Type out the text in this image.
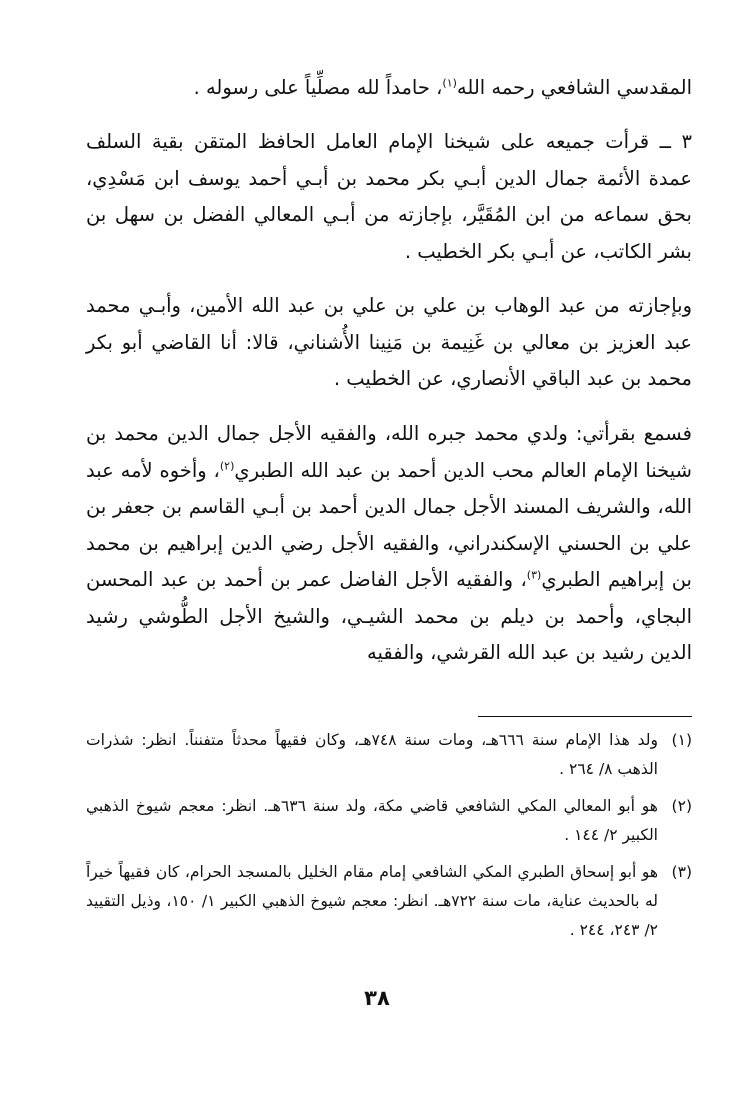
المقدسي الشافعي رحمه الله$^{(١)}$، حامداً لله مصلِّياً على رسوله .

٣ ــ قرأت جميعه على شيخنا الإمام العامل الحافظ المتقن بقية السلف عمدة الأئمة جمال الدين أبـي بكر محمد بن أبـي أحمد يوسف ابن مَسْدِي، بحق سماعه من ابن المُقَيَّر، بإجازته من أبـي المعالي الفضل بن سهل بن بشر الكاتب، عن أبـي بكر الخطيب .

وبإجازته من عبد الوهاب بن علي بن علي بن عبد الله الأمين، وأبـي محمد عبد العزيز بن معالي بن غَنِيمة بن مَنِينا الأُشناني، قالا: أنا القاضي أبو بكر محمد بن عبد الباقي الأنصاري، عن الخطيب .

فسمع بقرأتي: ولدي محمد جبره الله، والفقيه الأجل جمال الدين محمد بن شيخنا الإمام العالم محب الدين أحمد بن عبد الله الطبري$^{(٢)}$، وأخوه لأمه عبد الله، والشريف المسند الأجل جمال الدين أحمد بن أبـي القاسم بن جعفر بن علي بن الحسني الإسكندراني، والفقيه الأجل رضي الدين إبراهيم بن محمد بن إبراهيم الطبري$^{(٣)}$، والفقيه الأجل الفاضل عمر بن أحمد بن عبد المحسن البجاي، وأحمد بن ديلم بن محمد الشيـي، والشيخ الأجل الطُّوشي رشيد الدين رشيد بن عبد الله القرشي، والفقيه

(١)
ولد هذا الإمام سنة ٦٦٦هـ، ومات سنة ٧٤٨هـ، وكان فقيهاً محدثاً متفنناً. انظر: شذرات الذهب ٨/ ٢٦٤ .
(٢)
هو أبو المعالي المكي الشافعي قاضي مكة، ولد سنة ٦٣٦هـ. انظر: معجم شيوخ الذهبي الكبير ٢/ ١٤٤ .
(٣)
هو أبو إسحاق الطبري المكي الشافعي إمام مقام الخليل بالمسجد الحرام، كان فقيهاً خيراً له بالحديث عناية، مات سنة ٧٢٢هـ. انظر: معجم شيوخ الذهبي الكبير ١/ ١٥٠، وذيل التقييد ٢/ ٢٤٣، ٢٤٤ .
٣٨
